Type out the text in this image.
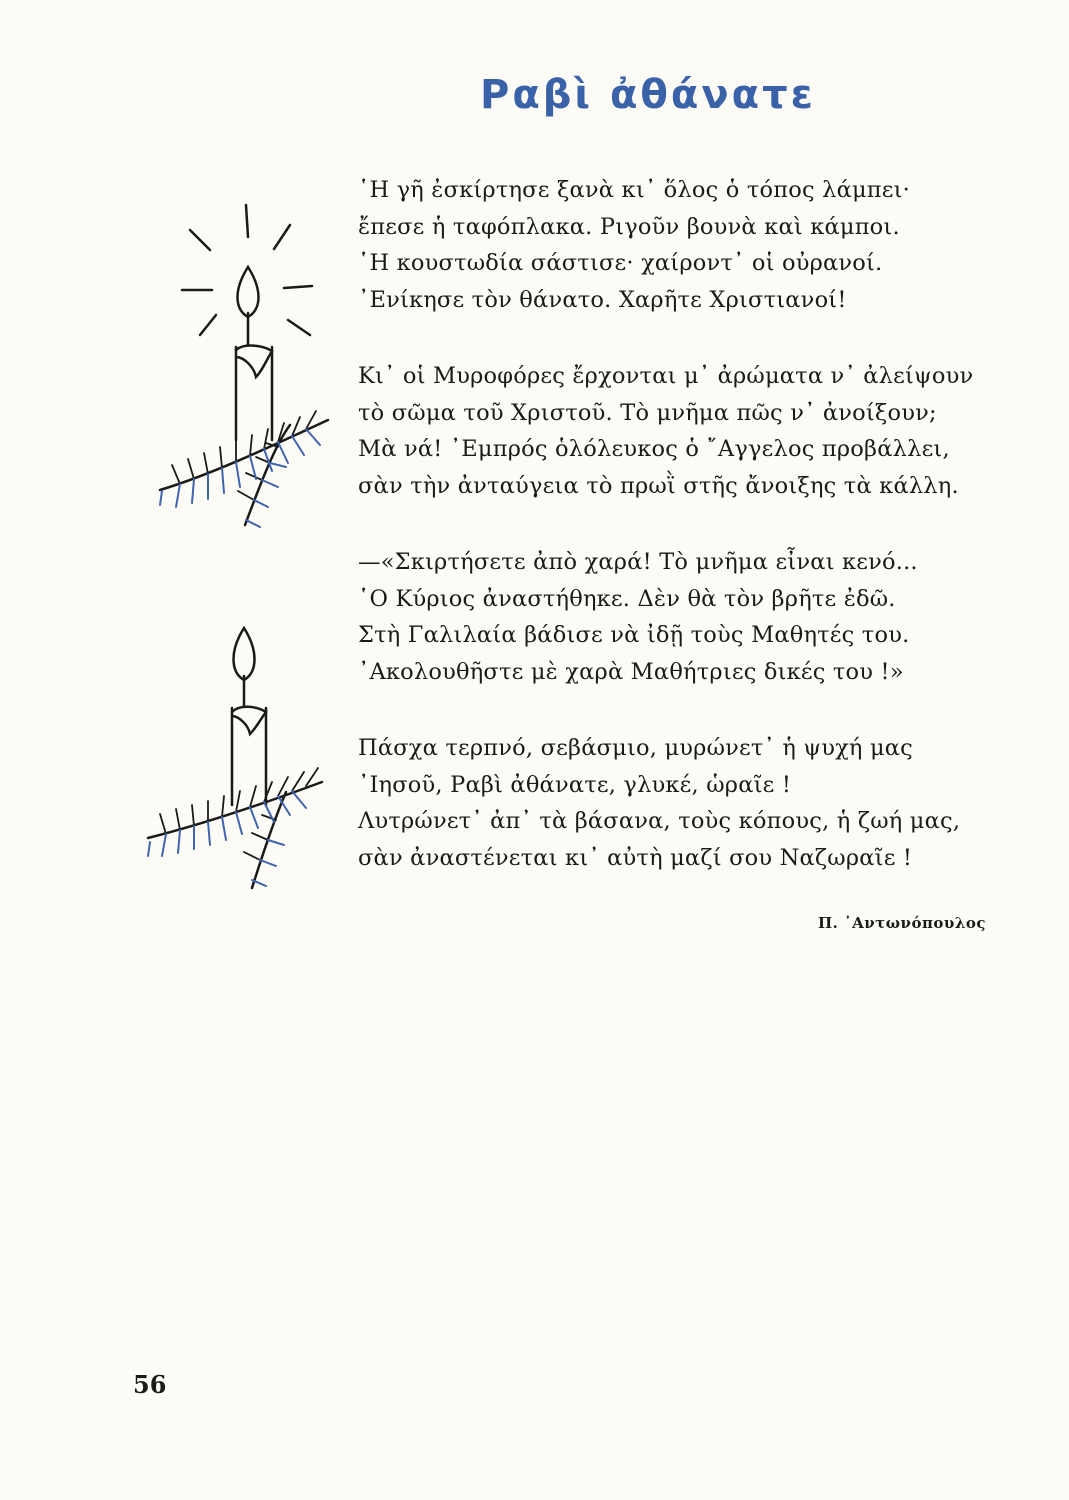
Ραβὶ ἀθάνατε
῾Η γῆ ἐσκίρτησε ξανὰ κι᾽ ὅλος ὁ τόπος λάμπει·
ἔπεσε ἡ ταφόπλακα. Ριγοῦν βουνὰ καὶ κάμποι.
῾Η κουστωδία σάστισε· χαίροντ᾽ οἱ οὐρανοί.
᾽Ενίκησε τὸν θάνατο. Χαρῆτε Χριστιανοί!
Κι᾽ οἱ Μυροφόρες ἔρχονται μ᾽ ἀρώματα ν᾽ ἀλείψουν
τὸ σῶμα τοῦ Χριστοῦ. Τὸ μνῆμα πῶς ν᾽ ἀνοίξουν;
Μὰ νά! ᾽Εμπρός ὁλόλευκος ὁ ῎Αγγελος προβάλλει,
σὰν τὴν ἀνταύγεια τὸ πρωῒ στῆς ἄνοιξης τὰ κάλλη.
—«Σκιρτήσετε ἀπὸ χαρά! Τὸ μνῆμα εἶναι κενό...
῾Ο Κύριος ἀναστήθηκε. Δὲν θὰ τὸν βρῆτε ἐδῶ.
Στὴ Γαλιλαία βάδισε νὰ ἰδῇ τοὺς Μαθητές του.
᾽Ακολουθῆστε μὲ χαρὰ Μαθήτριες δικές του !»
Πάσχα τερπνό, σεβάσμιο, μυρώνετ᾽ ἡ ψυχή μας
᾽Ιησοῦ, Ραβὶ ἀθάνατε, γλυκέ, ὡραῖε !
Λυτρώνετ᾽ ἀπ᾽ τὰ βάσανα, τοὺς κόπους, ἡ ζωή μας,
σὰν ἀναστένεται κι᾽ αὐτὴ μαζί σου Ναζωραῖε !
Π. ᾽Αντωνόπουλος
56
